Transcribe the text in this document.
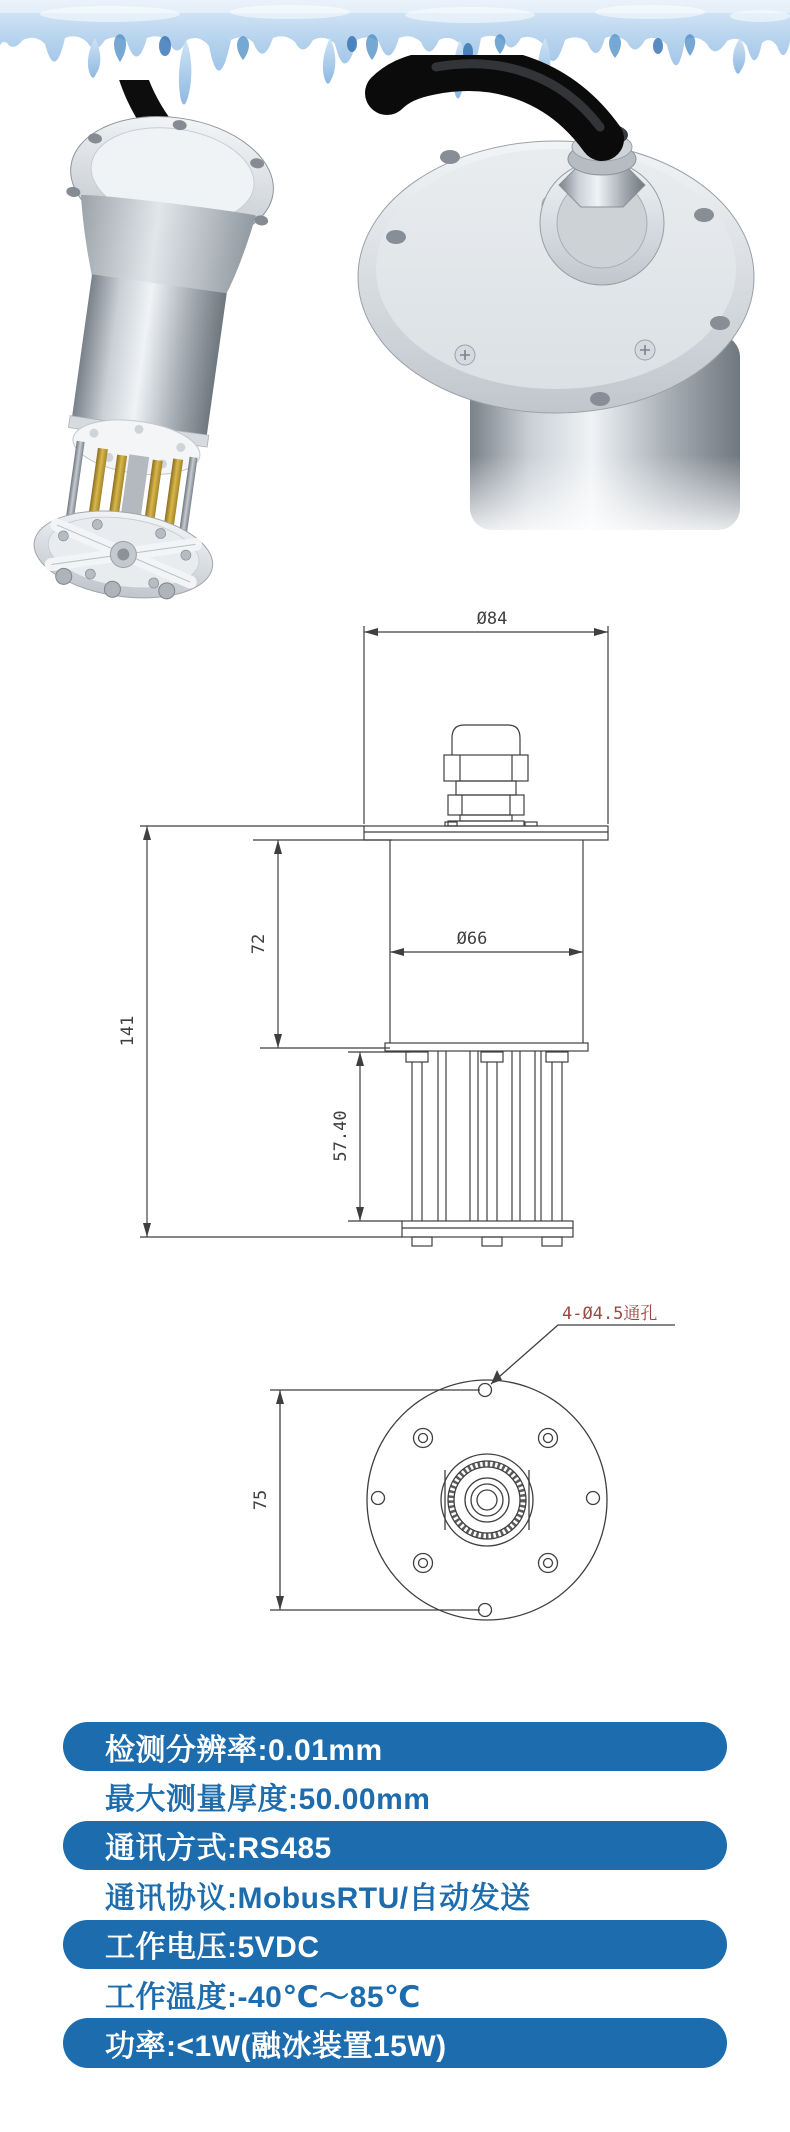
Ø84
Ø66
72
141
57.40
75
4-Ø4.5通孔
检测分辨率:0.01mm
最大测量厚度:50.00mm
通讯方式:RS485
通讯协议:MobusRTU/自动发送
工作电压:5VDC
工作温度:-40℃～85℃
功率:<1W(融冰装置15W)
